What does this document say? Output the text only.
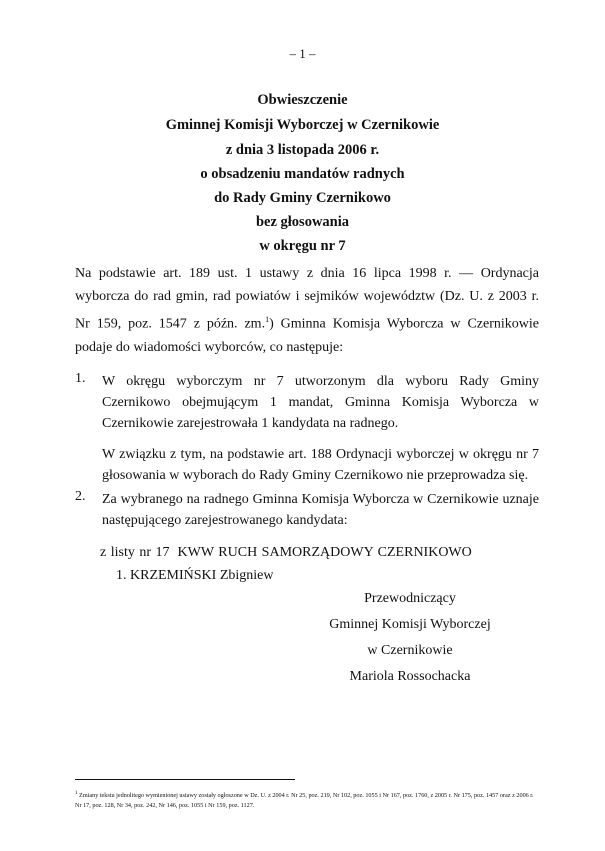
– 1 –
Obwieszczenie
Gminnej Komisji Wyborczej w Czernikowie
z dnia 3 listopada 2006 r.
o obsadzeniu mandatów radnych
do Rady Gminy Czernikowo
bez głosowania
w okręgu nr 7
Na podstawie art. 189 ust. 1 ustawy z dnia 16 lipca 1998 r. — Ordynacja wyborcza do rad gmin, rad powiatów i sejmików województw (Dz. U. z 2003 r. Nr 159, poz. 1547 z późn. zm.$^1$) Gminna Komisja Wyborcza w Czernikowie podaje do wiadomości wyborców, co następuje:
1. W okręgu wyborczym nr 7 utworzonym dla wyboru Rady Gminy Czernikowo obejmującym 1 mandat, Gminna Komisja Wyborcza w Czernikowie zarejestrowała 1 kandydata na radnego.

W związku z tym, na podstawie art. 188 Ordynacji wyborczej w okręgu nr 7 głosowania w wyborach do Rady Gminy Czernikowo nie przeprowadza się.

2. Za wybranego na radnego Gminna Komisja Wyborcza w Czernikowie uznaje następującego zarejestrowanego kandydata:

z listy nr 17 KWW RUCH SAMORZĄDOWY CZERNIKOWO
1. KRZEMIŃSKI Zbigniew
Przewodniczący
Gminnej Komisji Wyborczej
w Czernikowie
Mariola Rossochacka
$^1$ Zmiany tekstu jednolitego wymienionej ustawy zostały ogłoszone w Dz. U. z 2004 r. Nr 25, poz. 219, Nr 102, poz. 1055 i Nr 167, poz. 1760, z 2005 r. Nr 175, poz. 1457 oraz z 2006 r. Nr 17, poz. 128, Nr 34, poz. 242, Nr 146, poz. 1055 i Nr 159, poz. 1127.
